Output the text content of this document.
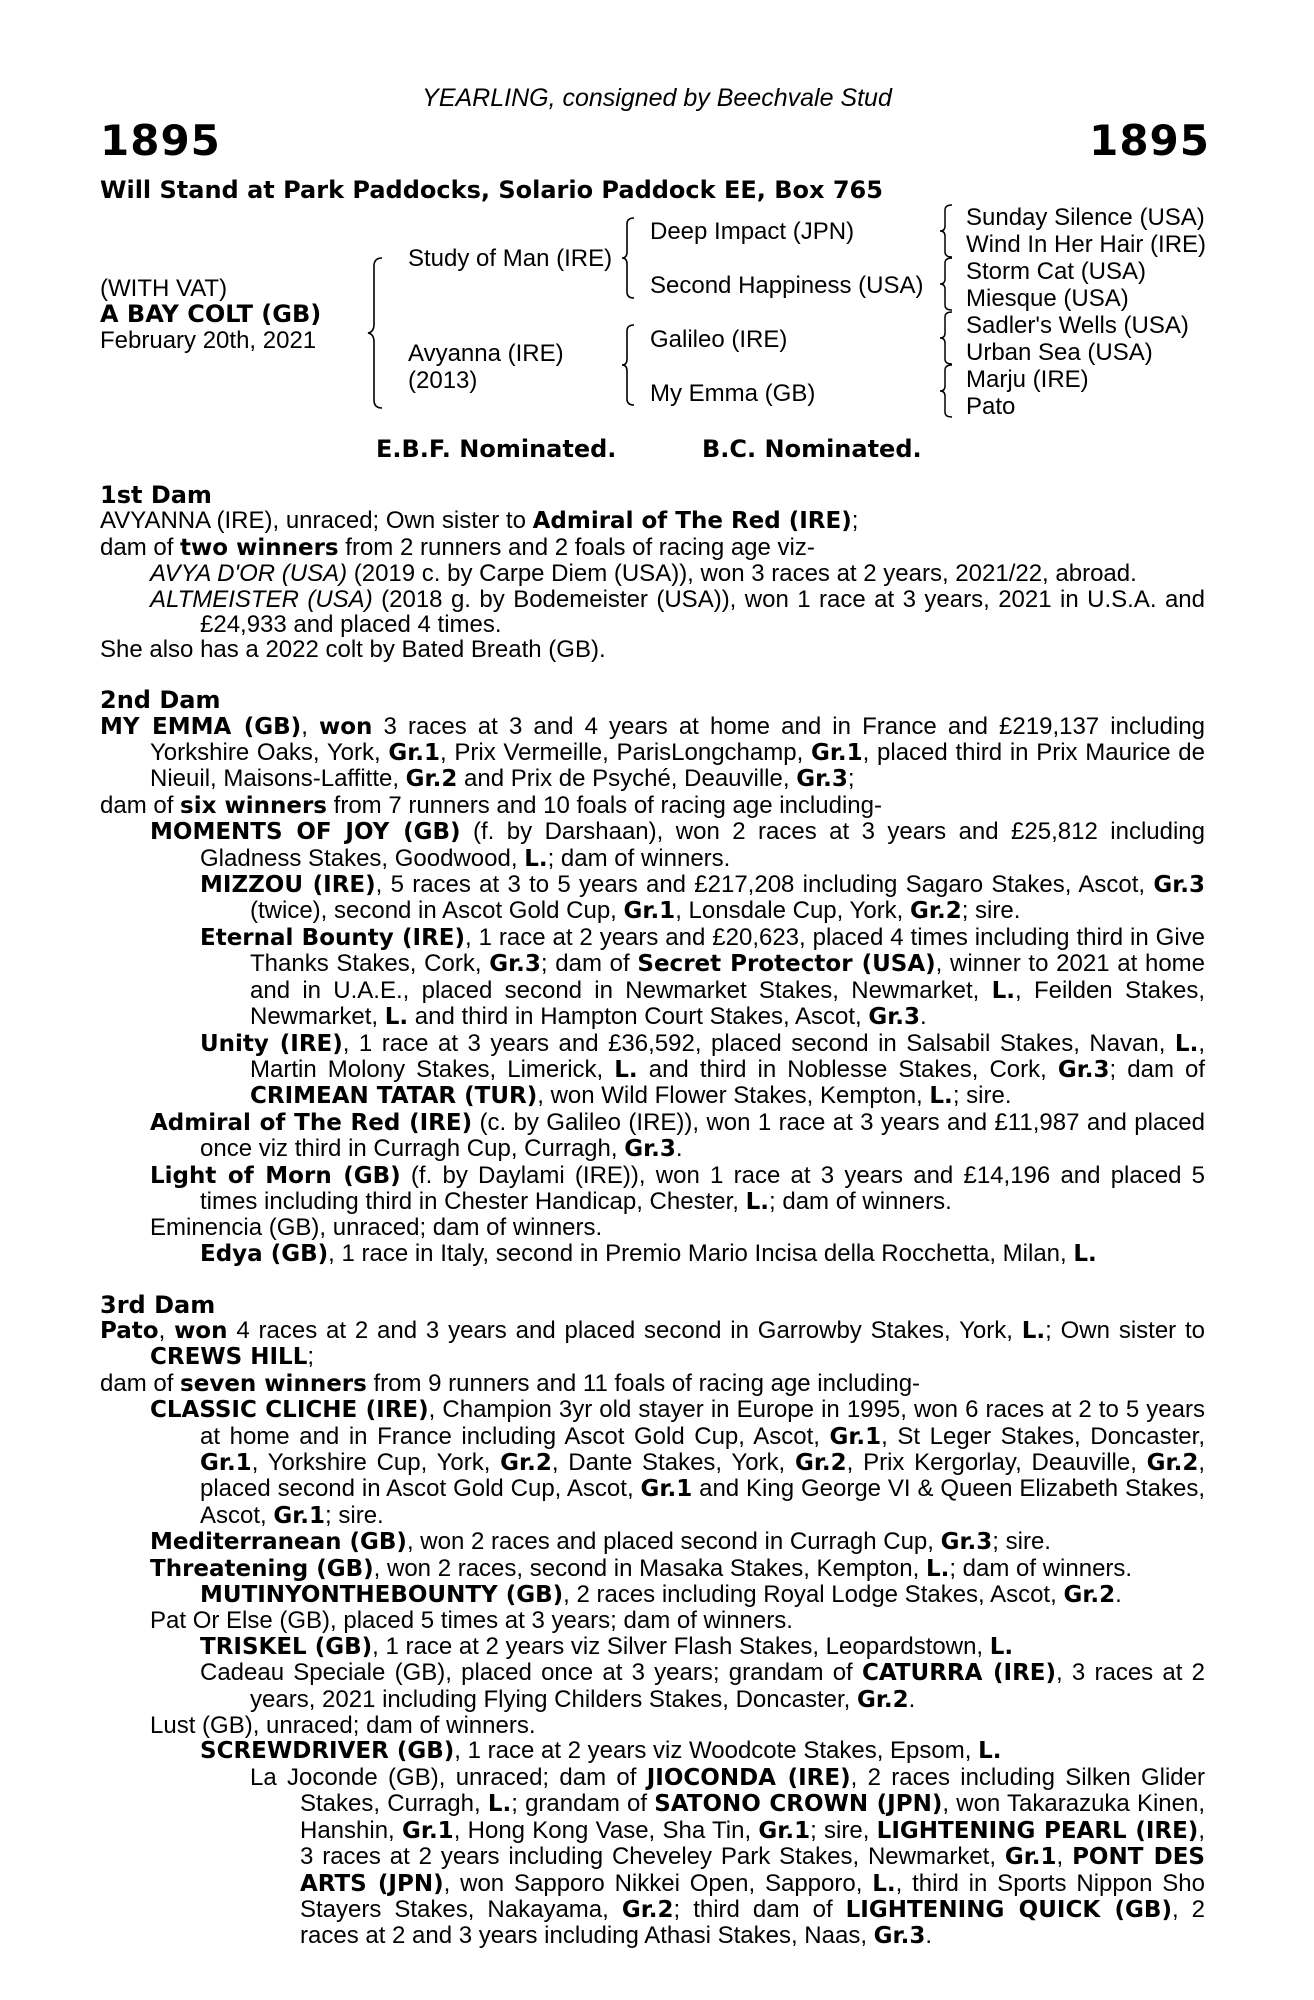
YEARLING, consigned by Beechvale Stud
1895	1895
Will Stand at Park Paddocks, Solario Paddock EE, Box 765
(WITH VAT)
A BAY COLT (GB)
February 20th, 2021
Study of Man (IRE)
Avyanna (IRE)
(2013)
Deep Impact (JPN)
Second Happiness (USA)
Galileo (IRE)
My Emma (GB)
Sunday Silence (USA)
Wind In Her Hair (IRE)
Storm Cat (USA)
Miesque (USA)
Sadler's Wells (USA)
Urban Sea (USA)
Marju (IRE)
Pato
E.B.F. Nominated.	B.C. Nominated.
1st Dam
AVYANNA (IRE), unraced; Own sister to Admiral of The Red (IRE);
dam of two winners from 2 runners and 2 foals of racing age viz-
AVYA D'OR (USA) (2019 c. by Carpe Diem (USA)), won 3 races at 2 years, 2021/22, abroad.
ALTMEISTER (USA) (2018 g. by Bodemeister (USA)), won 1 race at 3 years, 2021 in U.S.A. and £24,933 and placed 4 times.
She also has a 2022 colt by Bated Breath (GB).
2nd Dam
MY EMMA (GB), won 3 races at 3 and 4 years at home and in France and £219,137 including Yorkshire Oaks, York, Gr.1, Prix Vermeille, ParisLongchamp, Gr.1, placed third in Prix Maurice de Nieuil, Maisons-Laffitte, Gr.2 and Prix de Psyché, Deauville, Gr.3;
dam of six winners from 7 runners and 10 foals of racing age including-
MOMENTS OF JOY (GB) (f. by Darshaan), won 2 races at 3 years and £25,812 including Gladness Stakes, Goodwood, L.; dam of winners.
MIZZOU (IRE), 5 races at 3 to 5 years and £217,208 including Sagaro Stakes, Ascot, Gr.3 (twice), second in Ascot Gold Cup, Gr.1, Lonsdale Cup, York, Gr.2; sire.
Eternal Bounty (IRE), 1 race at 2 years and £20,623, placed 4 times including third in Give Thanks Stakes, Cork, Gr.3; dam of Secret Protector (USA), winner to 2021 at home and in U.A.E., placed second in Newmarket Stakes, Newmarket, L., Feilden Stakes, Newmarket, L. and third in Hampton Court Stakes, Ascot, Gr.3.
Unity (IRE), 1 race at 3 years and £36,592, placed second in Salsabil Stakes, Navan, L., Martin Molony Stakes, Limerick, L. and third in Noblesse Stakes, Cork, Gr.3; dam of CRIMEAN TATAR (TUR), won Wild Flower Stakes, Kempton, L.; sire.
Admiral of The Red (IRE) (c. by Galileo (IRE)), won 1 race at 3 years and £11,987 and placed once viz third in Curragh Cup, Curragh, Gr.3.
Light of Morn (GB) (f. by Daylami (IRE)), won 1 race at 3 years and £14,196 and placed 5 times including third in Chester Handicap, Chester, L.; dam of winners.
Eminencia (GB), unraced; dam of winners.
Edya (GB), 1 race in Italy, second in Premio Mario Incisa della Rocchetta, Milan, L.
3rd Dam
Pato, won 4 races at 2 and 3 years and placed second in Garrowby Stakes, York, L.; Own sister to CREWS HILL;
dam of seven winners from 9 runners and 11 foals of racing age including-
CLASSIC CLICHE (IRE), Champion 3yr old stayer in Europe in 1995, won 6 races at 2 to 5 years at home and in France including Ascot Gold Cup, Ascot, Gr.1, St Leger Stakes, Doncaster, Gr.1, Yorkshire Cup, York, Gr.2, Dante Stakes, York, Gr.2, Prix Kergorlay, Deauville, Gr.2, placed second in Ascot Gold Cup, Ascot, Gr.1 and King George VI & Queen Elizabeth Stakes, Ascot, Gr.1; sire.
Mediterranean (GB), won 2 races and placed second in Curragh Cup, Gr.3; sire.
Threatening (GB), won 2 races, second in Masaka Stakes, Kempton, L.; dam of winners.
MUTINYONTHEBOUNTY (GB), 2 races including Royal Lodge Stakes, Ascot, Gr.2.
Pat Or Else (GB), placed 5 times at 3 years; dam of winners.
TRISKEL (GB), 1 race at 2 years viz Silver Flash Stakes, Leopardstown, L.
Cadeau Speciale (GB), placed once at 3 years; grandam of CATURRA (IRE), 3 races at 2 years, 2021 including Flying Childers Stakes, Doncaster, Gr.2.
Lust (GB), unraced; dam of winners.
SCREWDRIVER (GB), 1 race at 2 years viz Woodcote Stakes, Epsom, L.
La Joconde (GB), unraced; dam of JIOCONDA (IRE), 2 races including Silken Glider Stakes, Curragh, L.; grandam of SATONO CROWN (JPN), won Takarazuka Kinen, Hanshin, Gr.1, Hong Kong Vase, Sha Tin, Gr.1; sire, LIGHTENING PEARL (IRE), 3 races at 2 years including Cheveley Park Stakes, Newmarket, Gr.1, PONT DES ARTS (JPN), won Sapporo Nikkei Open, Sapporo, L., third in Sports Nippon Sho Stayers Stakes, Nakayama, Gr.2; third dam of LIGHTENING QUICK (GB), 2 races at 2 and 3 years including Athasi Stakes, Naas, Gr.3.
